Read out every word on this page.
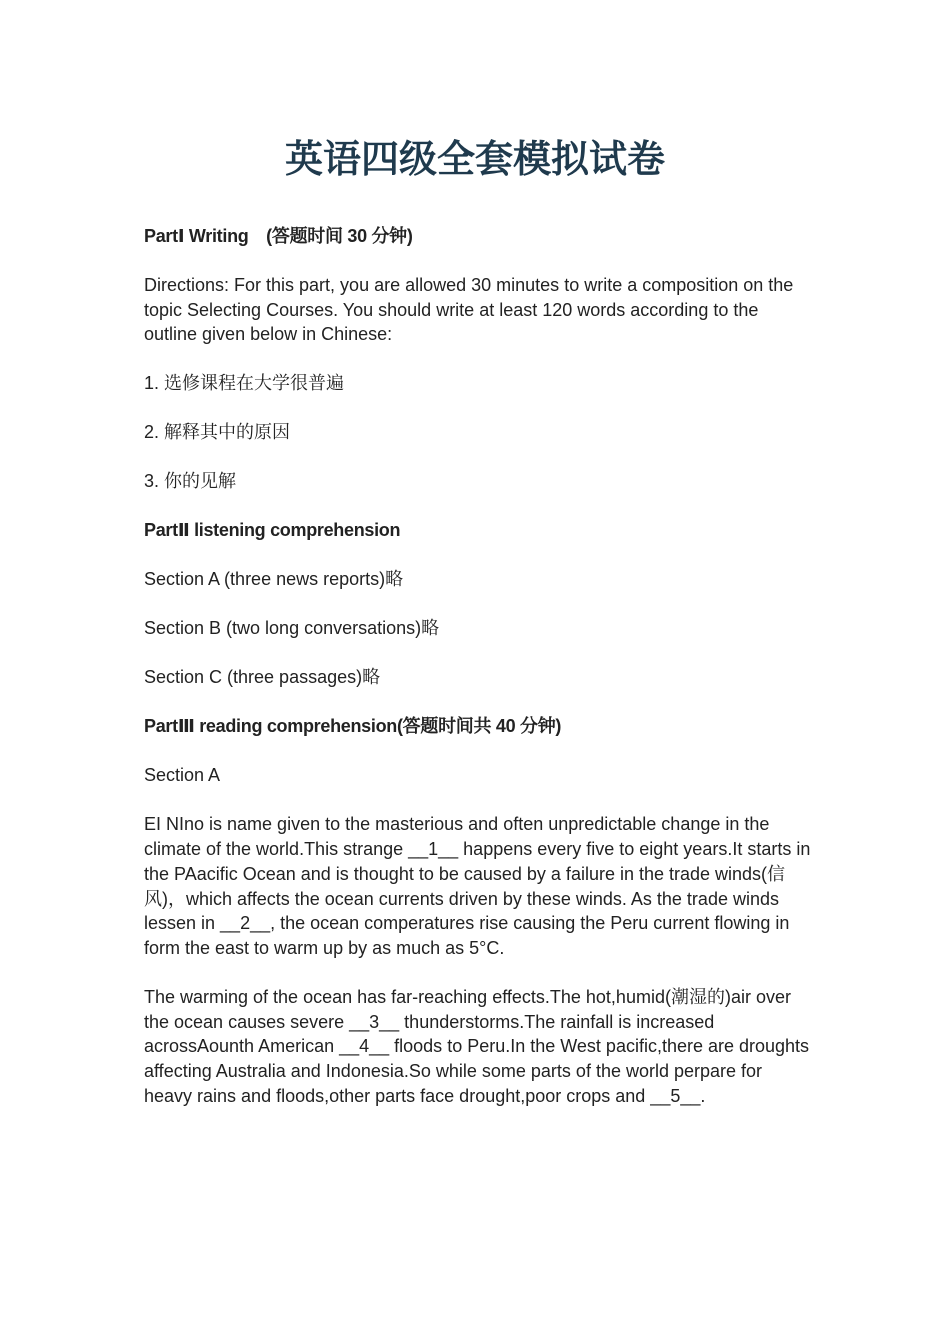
英语四级全套模拟试卷

PartⅠ Writing　(答题时间 30 分钟)

Directions: For this part, you are allowed 30 minutes to write a composition on the topic Selecting Courses. You should write at least 120 words according to the outline given below in Chinese:

1. 选修课程在大学很普遍

2. 解释其中的原因

3. 你的见解

PartⅡ listening comprehension

Section A (three news reports)略

Section B (two long conversations)略

Section C (three passages)略

PartⅢ reading comprehension(答题时间共 40 分钟)

Section A

EI NIno is name given to the masterious and often unpredictable change in the climate of the world.This strange __1__ happens every five to eight years.It starts in the PAacific Ocean and is thought to be caused by a failure in the trade winds(信风)，which affects the ocean currents driven by these winds. As the trade winds lessen in __2__, the ocean comperatures rise causing the Peru current flowing in form the east to warm up by as much as 5°C.

The warming of the ocean has far-reaching effects.The hot,humid(潮湿的)air over the ocean causes severe __3__ thunderstorms.The rainfall is increased acrossAounth American __4__ floods to Peru.In the West pacific,there are droughts affecting Australia and Indonesia.So while some parts of the world perpare for heavy rains and floods,other parts face drought,poor crops and __5__.
